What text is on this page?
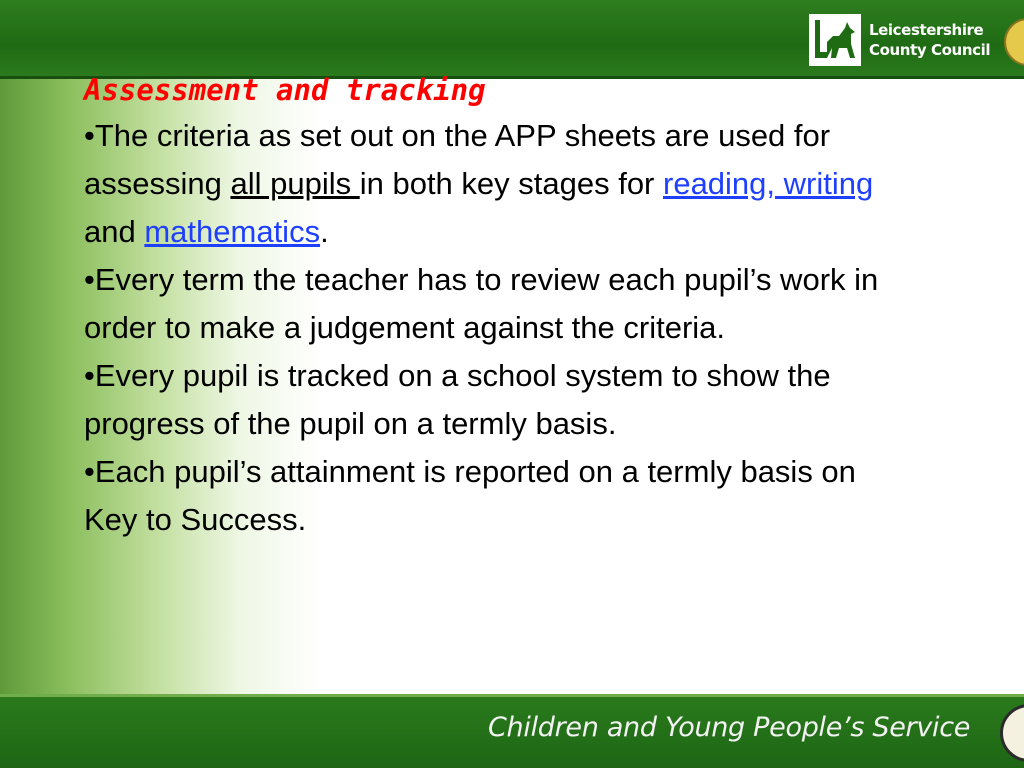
Leicestershire
County Council

Assessment and tracking

•The criteria as set out on the APP sheets are used for assessing all pupils in both key stages for reading, writing and mathematics.

•Every term the teacher has to review each pupil’s work in order to make a judgement against the criteria.

•Every pupil is tracked on a school system to show the progress of the pupil on a termly basis.

•Each pupil’s attainment is reported on a termly basis on Key to Success.

Children and Young People’s Service
